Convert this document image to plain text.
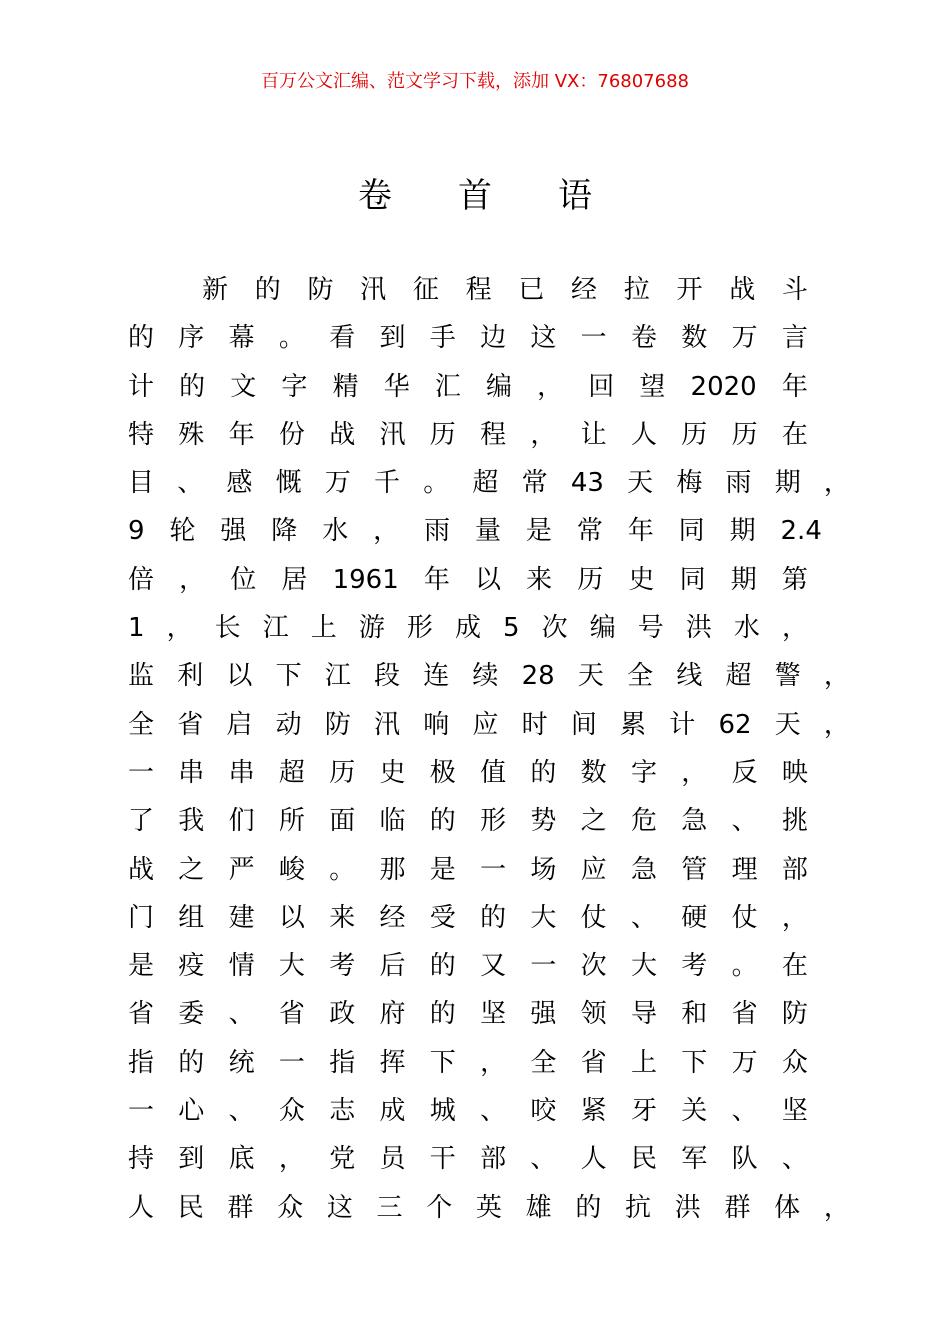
百万公文汇编、范文学习下载，添加 VX：76807688
卷首语
新 的 防 汛 征 程 已 经 拉 开 战 斗
的 序 幕 。 看 到 手 边 这 一 卷 数 万 言
计 的 文 字 精 华 汇 编 ， 回 望 2020 年
特 殊 年 份 战 汛 历 程 ， 让 人 历 历 在
目 、 感 慨 万 千 。 超 常 43 天 梅 雨 期 ，
9 轮 强 降 水 ， 雨 量 是 常 年 同 期 2.4
倍 ， 位 居 1961 年 以 来 历 史 同 期 第
1 ， 长 江 上 游 形 成 5 次 编 号 洪 水 ，
监 利 以 下 江 段 连 续 28 天 全 线 超 警 ，
全 省 启 动 防 汛 响 应 时 间 累 计 62 天 ，
一 串 串 超 历 史 极 值 的 数 字 ， 反 映
了 我 们 所 面 临 的 形 势 之 危 急 、 挑
战 之 严 峻 。 那 是 一 场 应 急 管 理 部
门 组 建 以 来 经 受 的 大 仗 、 硬 仗 ，
是 疫 情 大 考 后 的 又 一 次 大 考 。 在
省 委 、 省 政 府 的 坚 强 领 导 和 省 防
指 的 统 一 指 挥 下 ， 全 省 上 下 万 众
一 心 、 众 志 成 城 、 咬 紧 牙 关 、 坚
持 到 底 ， 党 员 干 部 、 人 民 军 队 、
人 民 群 众 这 三 个 英 雄 的 抗 洪 群 体 ，
